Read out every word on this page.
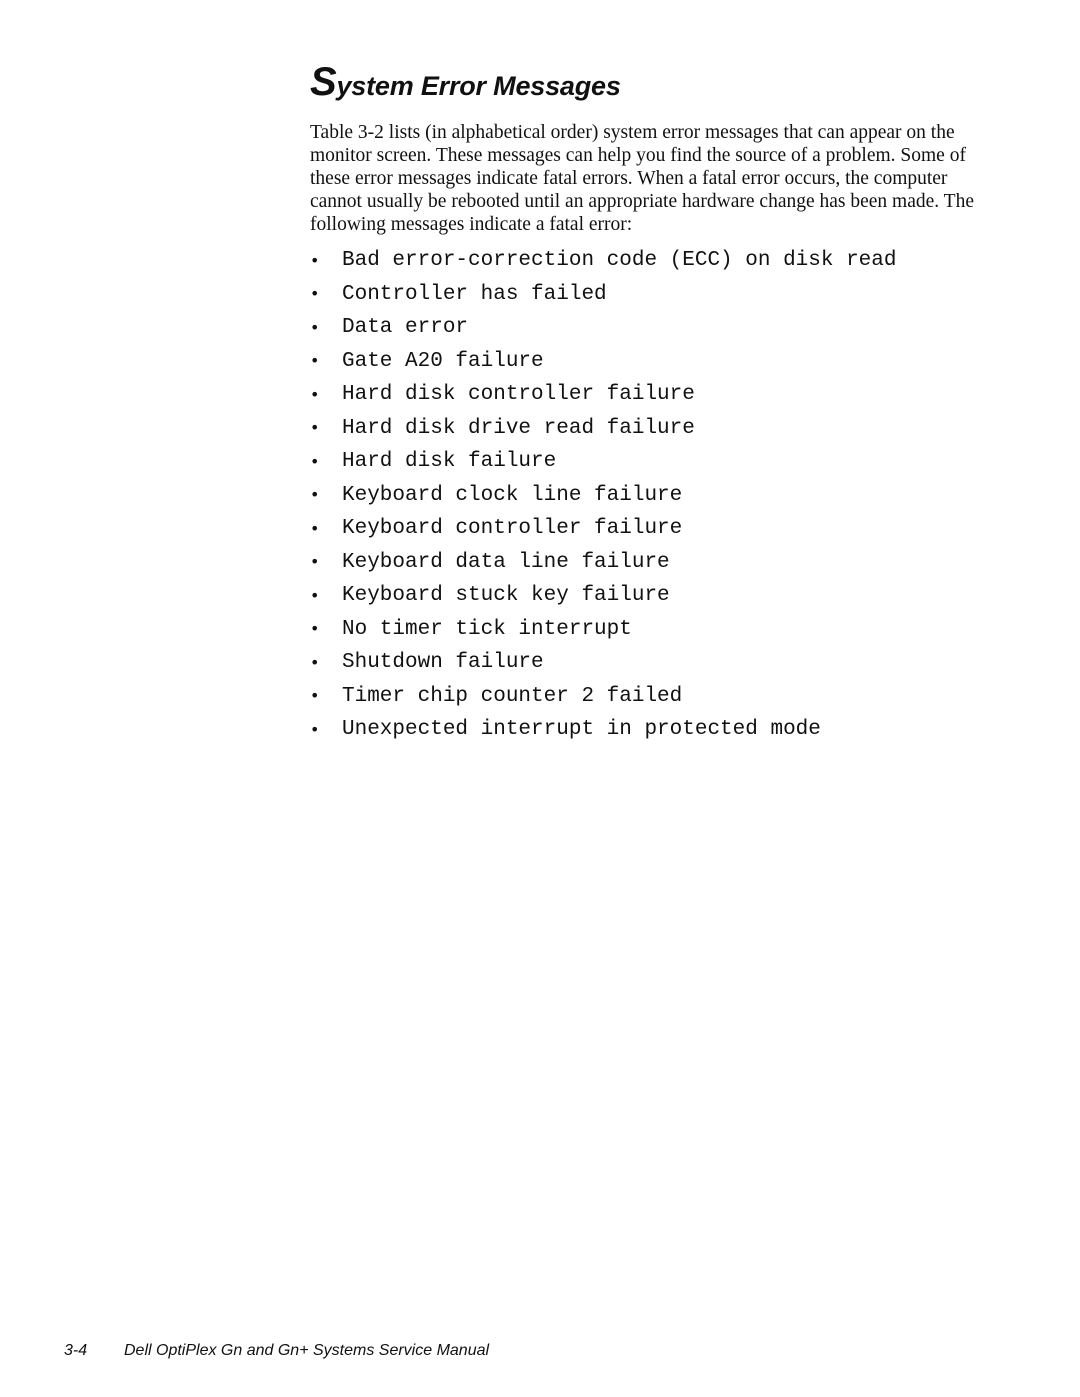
System Error Messages

Table 3-2 lists (in alphabetical order) system error messages that can appear on the monitor screen. These messages can help you find the source of a problem. Some of these error messages indicate fatal errors. When a fatal error occurs, the computer cannot usually be rebooted until an appropriate hardware change has been made. The following messages indicate a fatal error:

•	Bad error-correction code (ECC) on disk read
•	Controller has failed
•	Data error
•	Gate A20 failure
•	Hard disk controller failure
•	Hard disk drive read failure
•	Hard disk failure
•	Keyboard clock line failure
•	Keyboard controller failure
•	Keyboard data line failure
•	Keyboard stuck key failure
•	No timer tick interrupt
•	Shutdown failure
•	Timer chip counter 2 failed
•	Unexpected interrupt in protected mode
3-4 Dell OptiPlex Gn and Gn+ Systems Service Manual
